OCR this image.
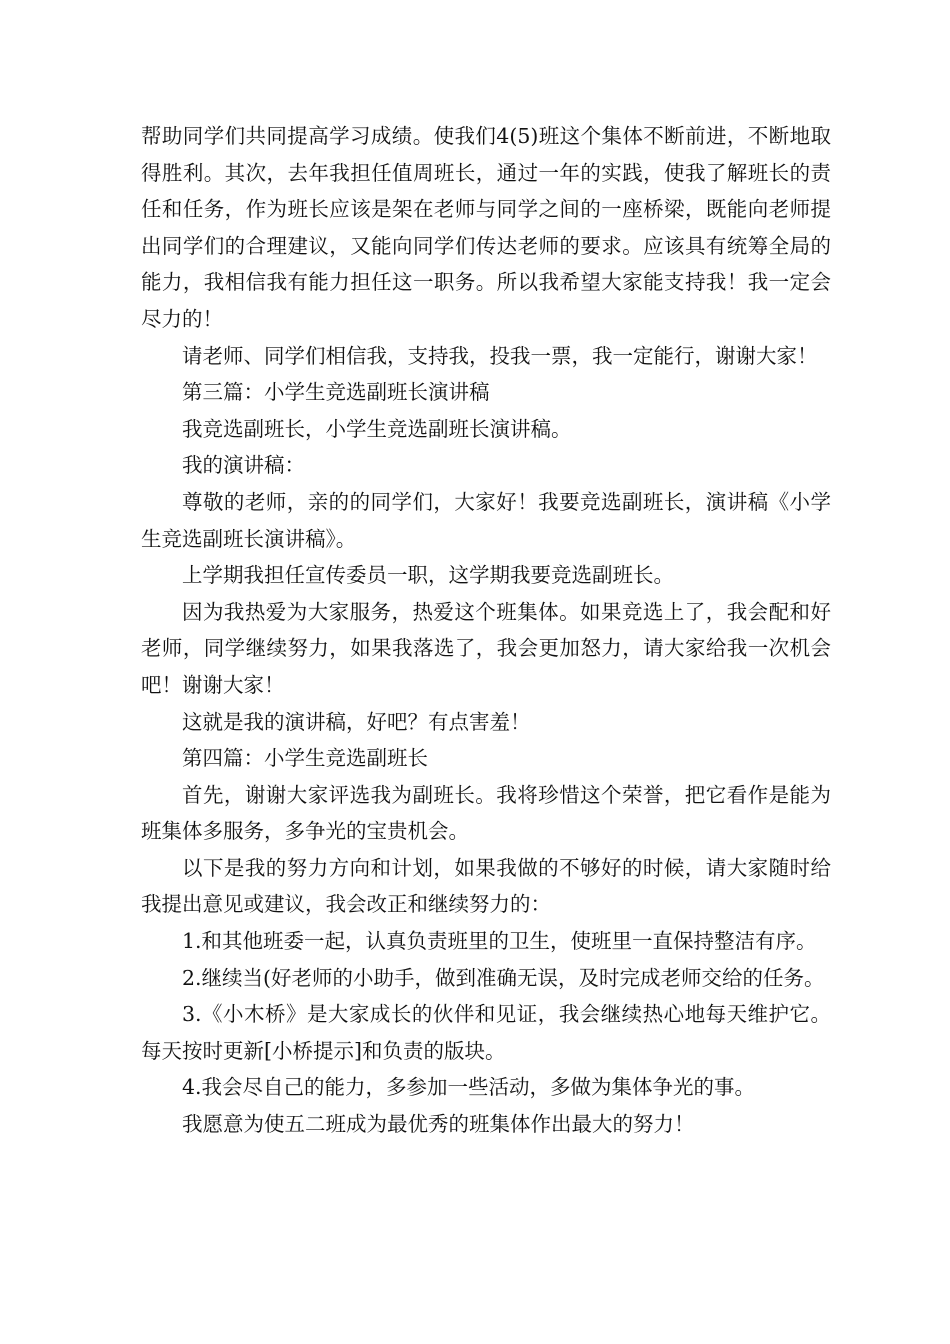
帮助同学们共同提高学习成绩。使我们4(5)班这个集体不断前进，不断地取得胜利。其次，去年我担任值周班长，通过一年的实践，使我了解班长的责任和任务，作为班长应该是架在老师与同学之间的一座桥梁，既能向老师提出同学们的合理建议，又能向同学们传达老师的要求。应该具有统筹全局的能力，我相信我有能力担任这一职务。所以我希望大家能支持我！我一定会尽力的！

请老师、同学们相信我，支持我，投我一票，我一定能行，谢谢大家！

第三篇：小学生竞选副班长演讲稿

我竞选副班长，小学生竞选副班长演讲稿。

我的演讲稿：

尊敬的老师，亲的的同学们，大家好！我要竞选副班长，演讲稿《小学生竞选副班长演讲稿》。

上学期我担任宣传委员一职，这学期我要竞选副班长。

因为我热爱为大家服务，热爱这个班集体。如果竞选上了，我会配和好老师，同学继续努力，如果我落选了，我会更加怒力，请大家给我一次机会吧！谢谢大家！

这就是我的演讲稿，好吧？有点害羞！

第四篇：小学生竞选副班长

首先，谢谢大家评选我为副班长。我将珍惜这个荣誉，把它看作是能为班集体多服务，多争光的宝贵机会。

以下是我的努力方向和计划，如果我做的不够好的时候，请大家随时给我提出意见或建议，我会改正和继续努力的：

1.和其他班委一起，认真负责班里的卫生，使班里一直保持整洁有序。

2.继续当(好老师的小助手，做到准确无误，及时完成老师交给的任务。

3.《小木桥》是大家成长的伙伴和见证，我会继续热心地每天维护它。每天按时更新[小桥提示]和负责的版块。

4.我会尽自己的能力，多参加一些活动，多做为集体争光的事。

我愿意为使五二班成为最优秀的班集体作出最大的努力！
